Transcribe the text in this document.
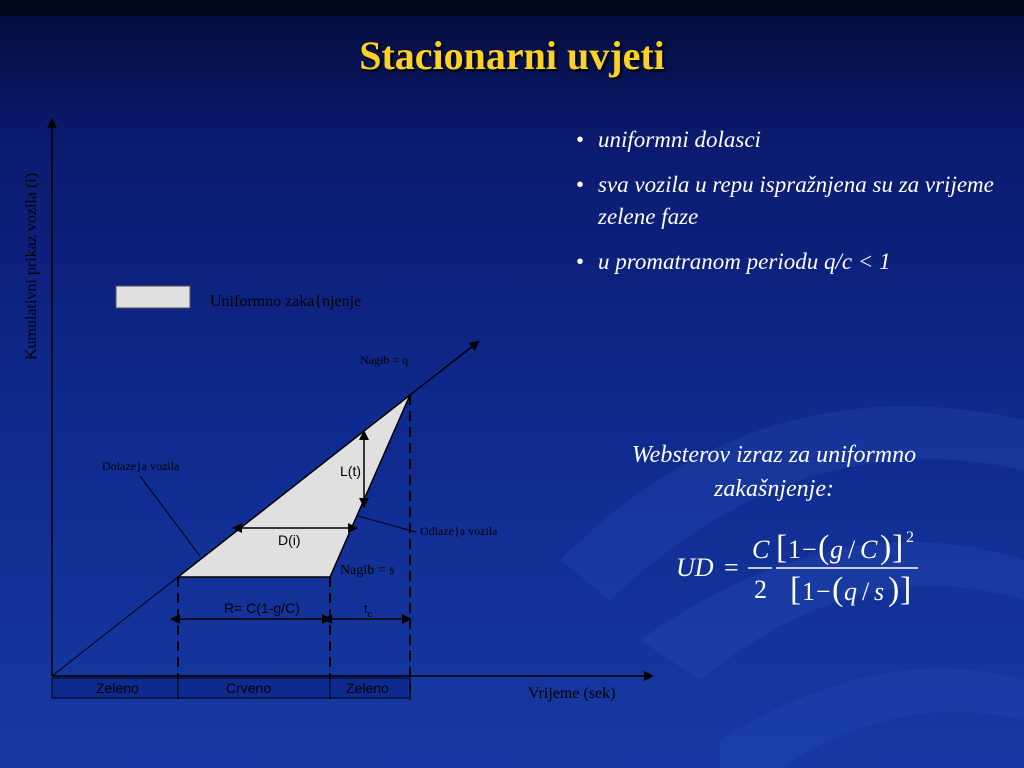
Stacionarni uvjeti
• uniformni dolasci
• sva vozila u repu ispražnjena su za vrijeme zelene faze
• u promatranom periodu q/c < 1
Websterov izraz za uniformno zakašnjenje:
UD =
C
2
[ 1 − ( g / C ) ] 2
[ 1 − ( q / s ) ]
Uniformno zaka{njenje
Kumulativni prikaz vozila (i)
Vrijeme (sek)
Dolaze}a vozila
Odlaze}a vozila
Nagib = q
Nagib = s
L(t)
D(i)
R= C(1-g/C)	$t_c$
Zeleno	Crveno	Zeleno
